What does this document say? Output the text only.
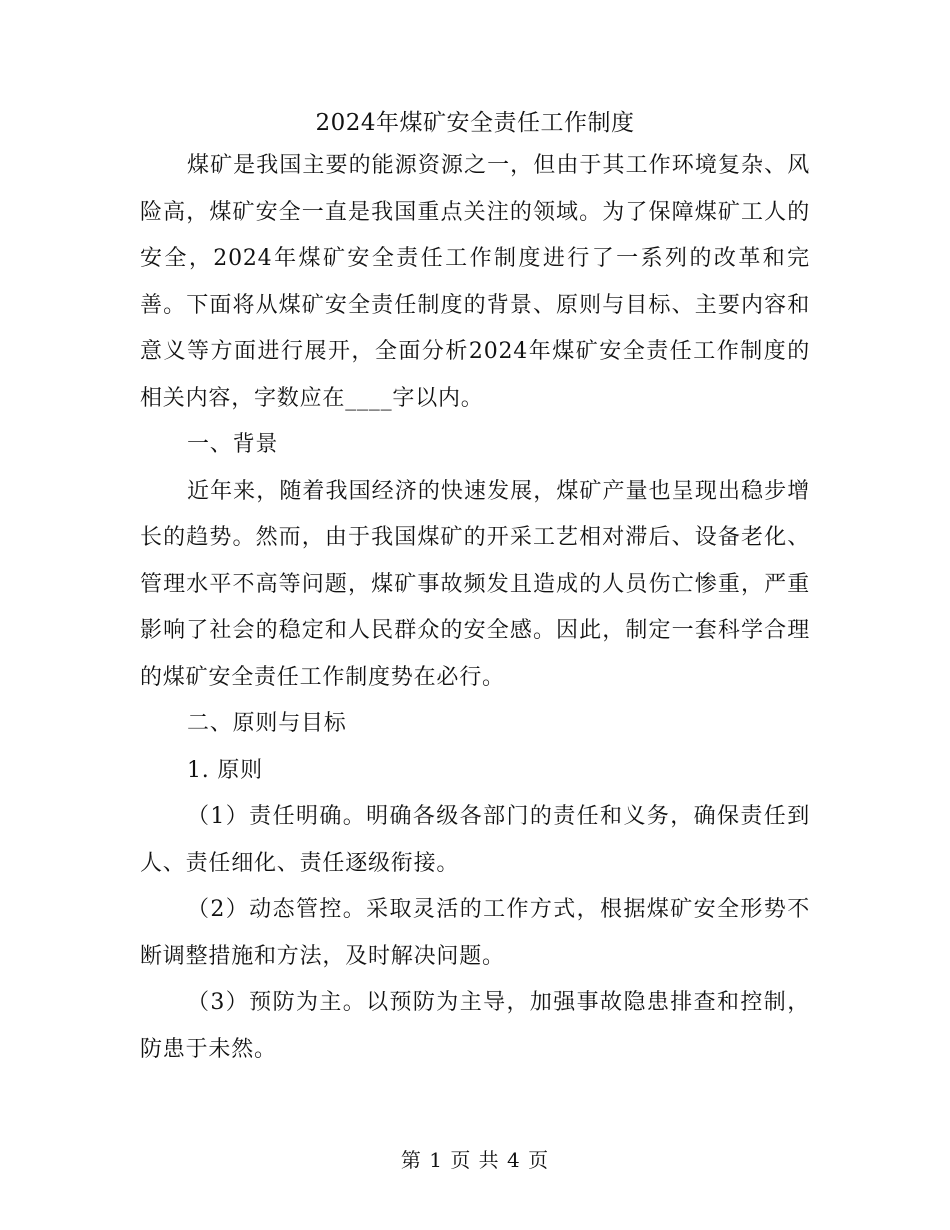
2024年煤矿安全责任工作制度

煤矿是我国主要的能源资源之一，但由于其工作环境复杂、风险高，煤矿安全一直是我国重点关注的领域。为了保障煤矿工人的安全，2024年煤矿安全责任工作制度进行了一系列的改革和完善。下面将从煤矿安全责任制度的背景、原则与目标、主要内容和意义等方面进行展开，全面分析2024年煤矿安全责任工作制度的相关内容，字数应在____字以内。

一、背景

近年来，随着我国经济的快速发展，煤矿产量也呈现出稳步增长的趋势。然而，由于我国煤矿的开采工艺相对滞后、设备老化、管理水平不高等问题，煤矿事故频发且造成的人员伤亡惨重，严重影响了社会的稳定和人民群众的安全感。因此，制定一套科学合理的煤矿安全责任工作制度势在必行。

二、原则与目标

1. 原则

（1）责任明确。明确各级各部门的责任和义务，确保责任到人、责任细化、责任逐级衔接。

（2）动态管控。采取灵活的工作方式，根据煤矿安全形势不断调整措施和方法，及时解决问题。

（3）预防为主。以预防为主导，加强事故隐患排查和控制，防患于未然。

第 1 页 共 4 页
